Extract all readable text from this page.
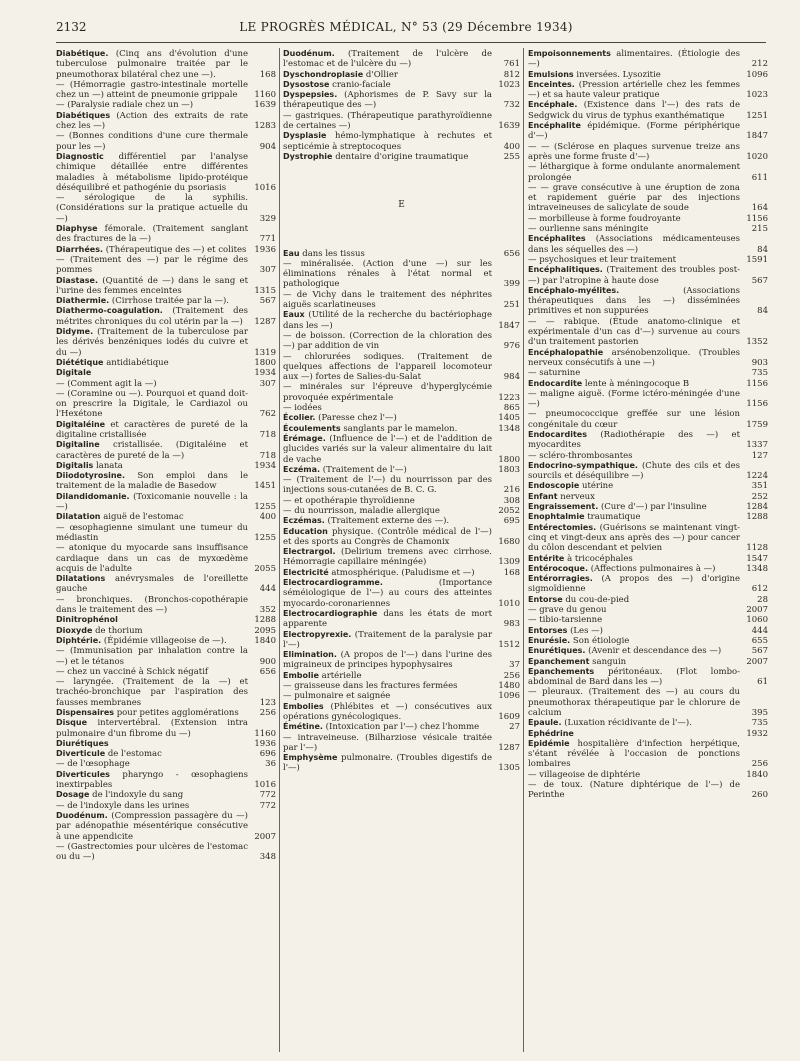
2132	LE PROGRÈS MÉDICAL, N° 53 (29 Décembre 1934)
Diabétique. (Cinq ans d'évolution d'une tuberculose pulmonaire traitée par le pneumothorax bilatéral chez une —).	168
— (Hémorragie gastro-intestinale mortelle chez un —) atteint de pneumonie grippale	1160
— (Paralysie radiale chez un —)	1639
Diabétiques (Action des extraits de rate chez les —)	1283
— (Bonnes conditions d'une cure thermale pour les —)	904
Diagnostic différentiel par l'analyse chimique détaillée entre différentes maladies à métabolisme lipido-protéique déséquilibré et pathogénie du psoriasis	1016
— sérologique de la syphilis. (Considérations sur la pratique actuelle du —)	329
Diaphyse fémorale. (Traitement sanglant des fractures de la —)	771
Diarrhées. (Thérapeutique des —) et colites 1936
— (Traitement des —) par le régime des pommes	307
Diastase. (Quantité de —) dans le sang et l'urine des femmes enceintes	1315
Diathermie. (Cirrhose traitée par la —).	567
Diathermo-coagulation. (Traitement des métrites chroniques du col utérin par la —)	1287
Didyme. (Traitement de la tuberculose par les dérivés benzéniques iodés du cuivre et du —)	1319
Diététique antidiabétique	1800
Digitale	1934
— (Comment agit la —)	307
— (Coramine ou —). Pourquoi et quand doit-on prescrire la Digitale, le Cardiazol ou l'Hexétone	762
Digitaléine et caractères de pureté de la digitaline cristallisée	718
Digitaline cristallisée. (Digitaléine et caractères de pureté de la —)	718
Digitalis lanata	1934
Diiodotyrosine. Son emploi dans le traitement de la maladie de Basedow	1451
Dilandidomanie. (Toxicomanie nouvelle : la —)	1255
Dilatation aiguë de l'estomac	400
— œsophagienne simulant une tumeur du médiastin	1255
— atonique du myocarde sans insuffisance cardiaque dans un cas de myxœdème acquis de l'adulte	2055
Dilatations anévrysmales de l'oreillette gauche	444
— bronchiques. (Bronchos-copothérapie dans le traitement des —)	352
Dinitrophénol	1288
Dioxyde de thorium	2095
Diphtérie. (Épidémie villageoise de —).	1840
— (Immunisation par inhalation contre la —) et le tétanos	900
— chez un vacciné à Schick négatif	656
— laryngée. (Traitement de la —) et trachéo-bronchique par l'aspiration des fausses membranes	123
Dispensaires pour petites agglomérations	256
Disque intervertébral. (Extension intra pulmonaire d'un fibrome du —)	1160
Diurétiques	1936
Diverticule de l'estomac	696
— de l'œsophage	36
Diverticules pharyngo - œsophagiens inextirpables	1016
Dosage de l'indoxyle du sang	772
— de l'indoxyle dans les urines	772
Duodénum. (Compression passagère du —) par adénopathie mésentérique consécutive à une appendicite	2007
— (Gastrectomies pour ulcères de l'estomac ou du —)	348
Duodénum. (Traitement de l'ulcère de l'estomac et de l'ulcère du —)	761
Dyschondroplasie d'Ollier	812
Dysostose cranio-faciale	1023
Dyspepsies. (Aphorismes de P. Savy sur la thérapeutique des —)	732
— gastriques. (Thérapeutique parathyroïdienne de certaines —)	1639
Dysplasie hémo-lymphatique à rechutes et septicémie à streptocoques	400
Dystrophie dentaire d'origine traumatique	255
E
Eau dans les tissus	656
— minéralisée. (Action d'une —) sur les éliminations rénales à l'état normal et pathologique	399
— de Vichy dans le traitement des néphrites aiguës scarlatineuses	251
Eaux (Utilité de la recherche du bactériophage dans les —)	1847
— de boisson. (Correction de la chloration des —) par addition de vin	976
— chlorurées sodiques. (Traitement de quelques affections de l'appareil locomoteur aux —) fortes de Salies-du-Salat	984
— minérales sur l'épreuve d'hyperglycémie provoquée expérimentale	1223
— iodées	865
Écolier. (Paresse chez l'—)	1405
Écoulements sanglants par le mamelon.	1348
Érémage. (Influence de l'—) et de l'addition de glucides variés sur la valeur alimentaire du lait de vache	1800
Eczéma. (Traitement de l'—)	1803
— (Traitement de l'—) du nourrisson par des injections sous-cutanées de B. C. G.	216
— et opothérapie thyroïdienne	308
— du nourrisson, maladie allergique	2052
Eczémas. (Traitement externe des —).	695
Education physique. (Contrôle médical de l'—) et des sports au Congrès de Chamonix	1680
Electrargol. (Delirium tremens avec cirrhose. Hémorragie capillaire méningée)	1309
Electricité atmosphérique. (Paludisme et —)	168
Electrocardiogramme.	(Importance séméiologique de l'—) au cours des atteintes myocardo-coronariennes	1010
Electrocardiographie dans les états de mort apparente	983
Electropyrexie. (Traitement de la paralysie par l'—)	1512
Elimination. (A propos de l'—) dans l'urine des migraineux de principes hypophysaires	37
Embolie artérielle	256
— graisseuse dans les fractures fermées	1480
— pulmonaire et saignée	1096
Embolies (Phlébites et —) consécutives aux opérations gynécologiques.	1609
Émétine. (Intoxication par l'—) chez l'homme	27
— intraveineuse. (Bilharziose vésicale traitée par l'—)	1287
Emphysème pulmonaire. (Troubles digestifs de l'—)	1305
Empoisonnements alimentaires. (Étiologie des —)	212
Emulsions inversées. Lysozitie	1096
Enceintes. (Pression artérielle chez les femmes —) et sa haute valeur pratique	1023
Encéphale. (Existence dans l'—) des rats de Sedgwick du virus de typhus exanthématique	1251
Encéphalite épidémique. (Forme périphérique d'—)	1847
— — (Sclérose en plaques survenue treize ans après une forme fruste d'—)	1020
— léthargique à forme ondulante anormalement prolongée	611
— — grave consécutive à une éruption de zona et rapidement guérie par des injections intraveineuses de salicylate de soude	164
— morbilleuse à forme foudroyante	1156
— ourlienne sans méningite	215
Encéphalites (Associations médicamenteuses dans les séquelles des —)	84
— psychosiques et leur traitement	1591
Encéphalitiques. (Traitement des troubles post- —) par l'atropine à haute dose	567
Encéphalo-myélites.	(Associations thérapeutiques dans les —) disséminées primitives et non suppurées	84
— — rabique. (Étude anatomo-clinique et expérimentale d'un cas d'—) survenue au cours d'un traitement pastorien	1352
Encéphalopathie arsénobenzolique. (Troubles nerveux consécutifs à une —)	903
— saturnine	735
Endocardite lente à méningocoque B	1156
— maligne aiguë. (Forme ictéro-méningée d'une —)	1156
— pneumococcique greffée sur une lésion congénitale du cœur	1759
Endocardites (Radiothérapie des —) et myocardites	1337
— scléro-thrombosantes	127
Endocrino-sympathique. (Chute des cils et des sourcils et déséquilibre —)	1224
Endoscopie utérine	351
Enfant nerveux	252
Engraissement. (Cure d'—) par l'insuline	1284
Enophtalmie traumatique	1288
Entérectomies. (Guérisons se maintenant vingt-cinq et vingt-deux ans après des —) pour cancer du côlon descendant et pelvien	1128
Entérite à tricocéphales	1547
Entérocoque. (Affections pulmonaires à —)	1348
Entérorragies. (A propos des —) d'origine sigmoïdienne	612
Entorse du cou-de-pied	28
— grave du genou	2007
— tibio-tarsienne	1060
Entorses (Les —)	444
Enurésie. Son étiologie	655
Enurétiques. (Avenir et descendance des —)	567
Epanchement sanguin	2007
Epanchements péritonéaux. (Flot lombo-abdominal de Bard dans les —)	61
— pleuraux. (Traitement des —) au cours du pneumothorax thérapeutique par le chlorure de calcium	395
Epaule. (Luxation récidivante de l'—).	735
Ephédrine	1932
Epidémie hospitalière d'infection herpétique, s'étant révélée à l'occasion de ponctions lombaires	256
— villageoise de diphtérie	1840
— de toux. (Nature diphtérique de l'—) de Perinthe	260
